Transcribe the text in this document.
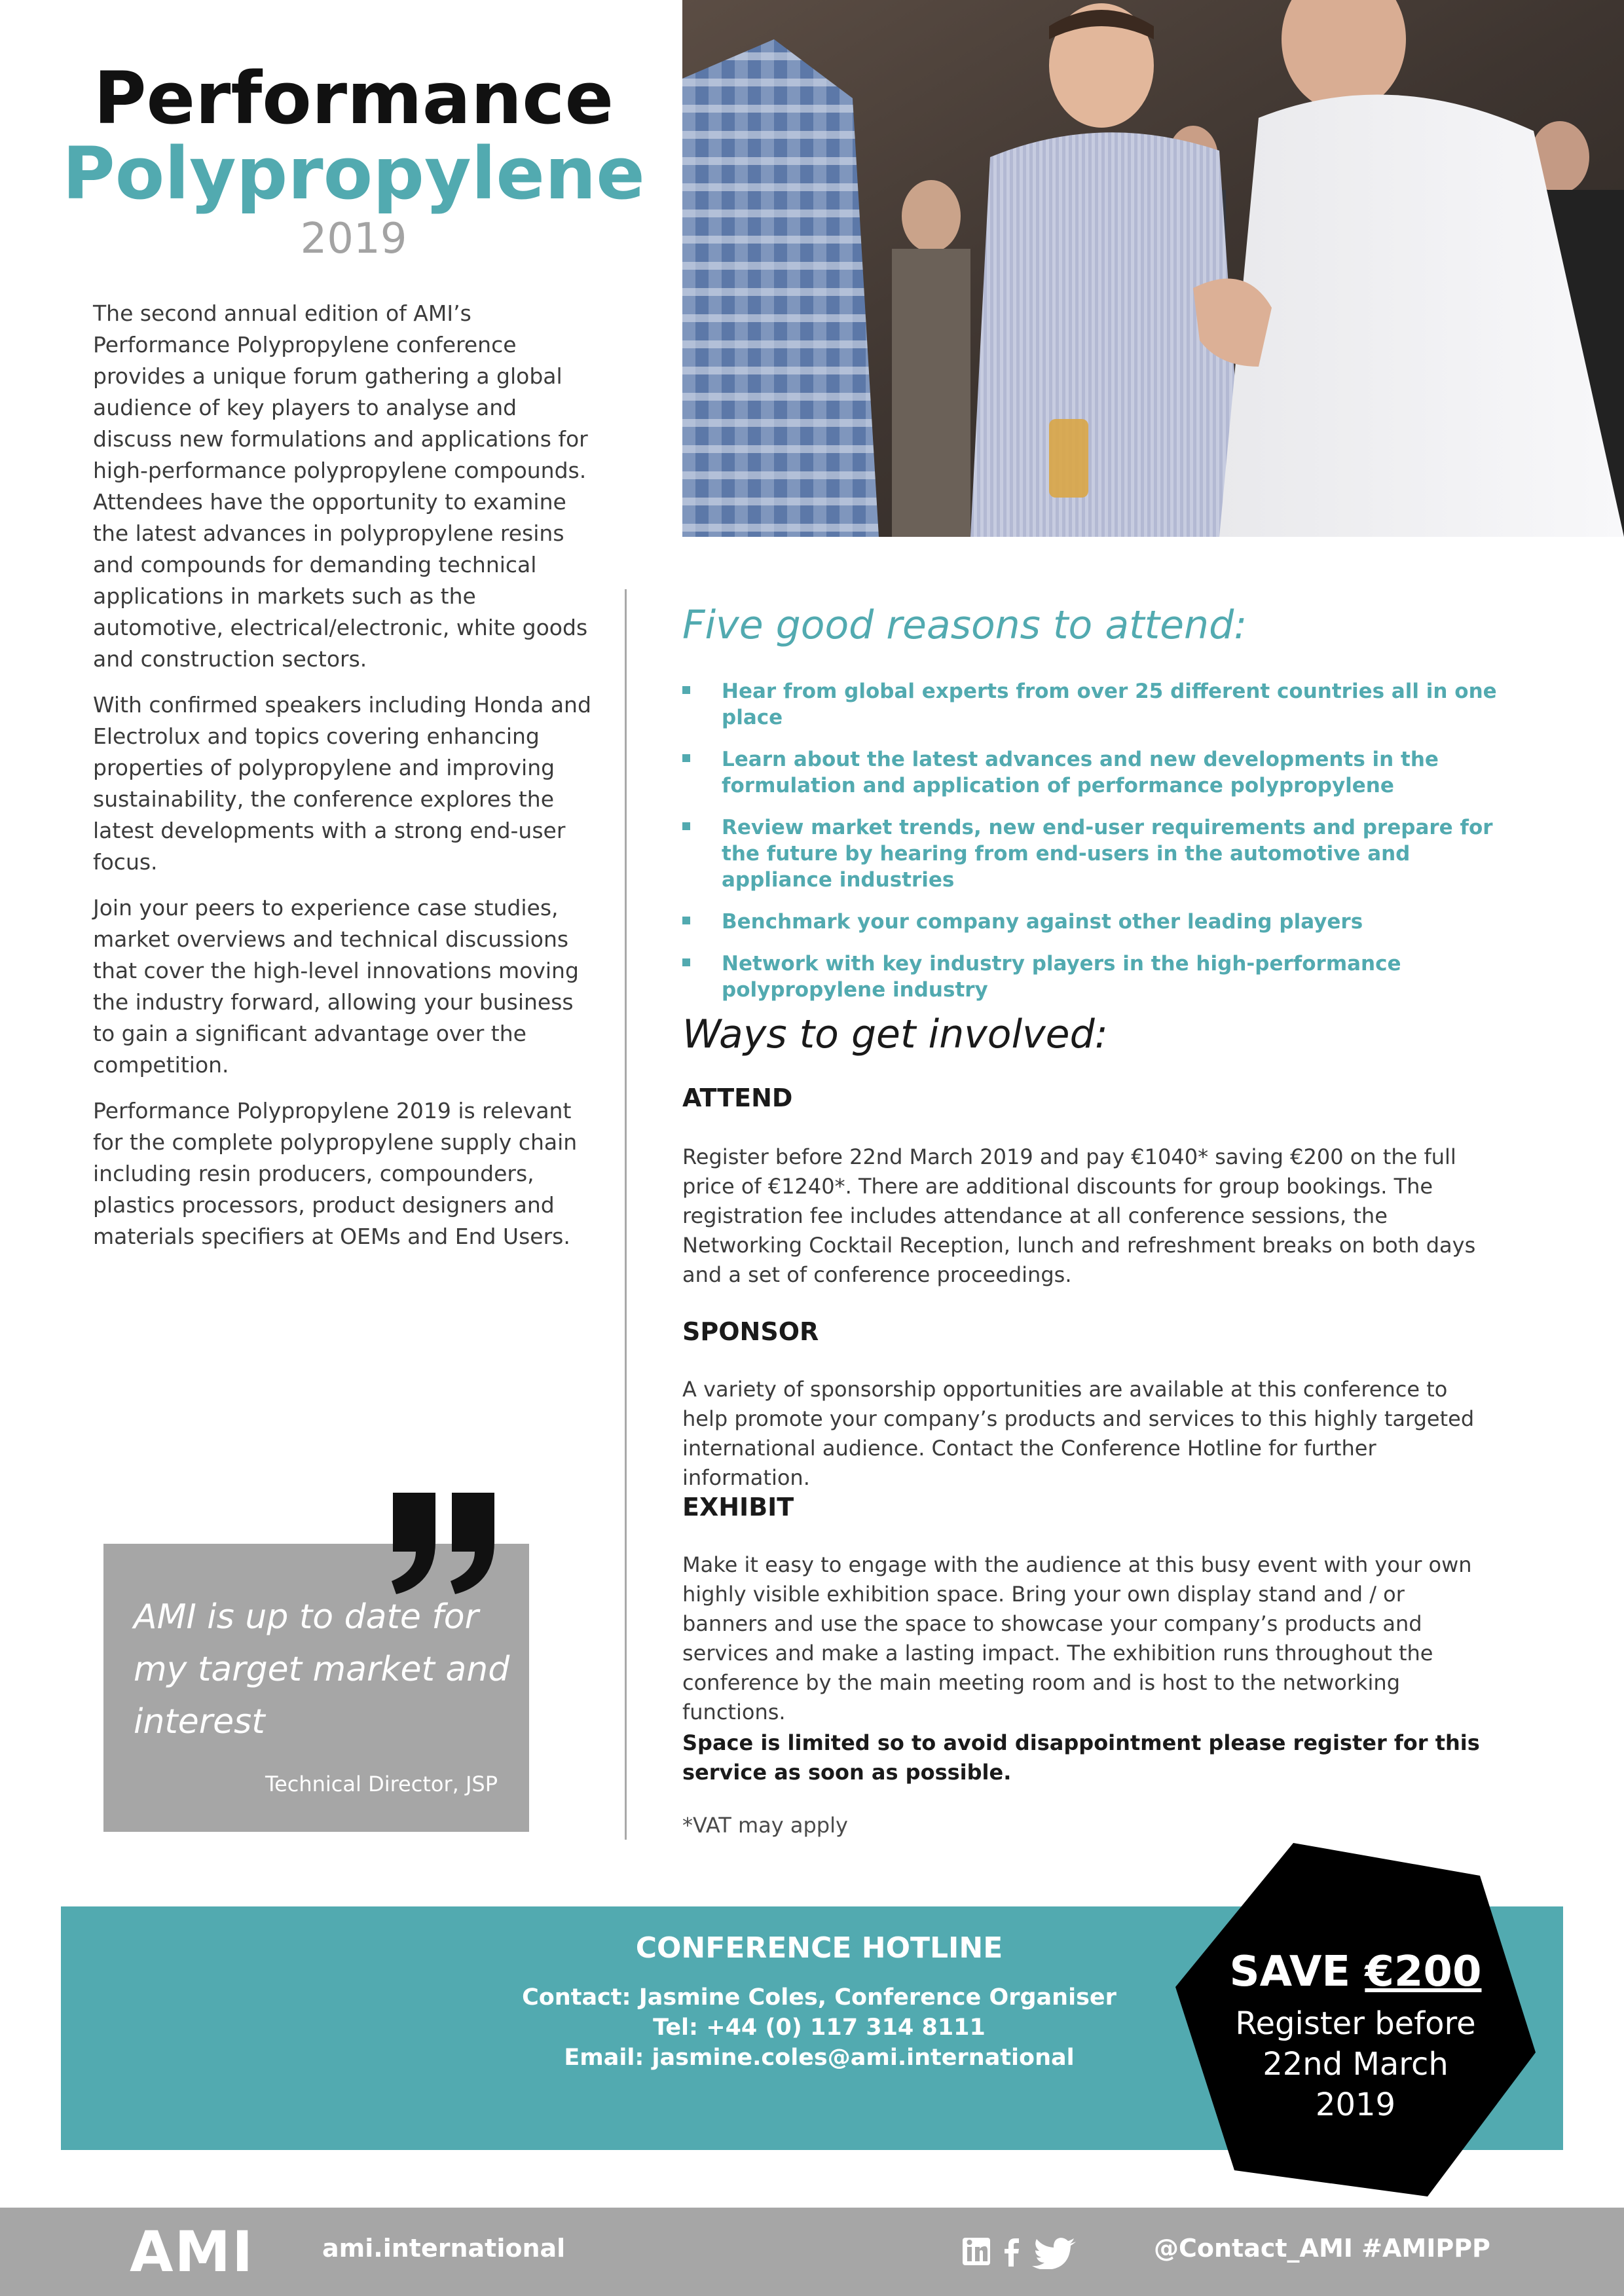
Performance
Polypropylene
2019

The second annual edition of AMI’s Performance Polypropylene conference provides a unique forum gathering a global audience of key players to analyse and discuss new formulations and applications for high-performance polypropylene compounds. Attendees have the opportunity to examine the latest advances in polypropylene resins and compounds for demanding technical applications in markets such as the automotive, electrical/electronic, white goods and construction sectors.

With confirmed speakers including Honda and Electrolux and topics covering enhancing properties of polypropylene and improving sustainability, the conference explores the latest developments with a strong end-user focus.

Join your peers to experience case studies, market overviews and technical discussions that cover the high-level innovations moving the industry forward, allowing your business to gain a significant advantage over the competition.

Performance Polypropylene 2019 is relevant for the complete polypropylene supply chain including resin producers, compounders, plastics processors, product designers and materials specifiers at OEMs and End Users.

AMI is up to date for my target market and interest
Technical Director, JSP
Five good reasons to attend:
Hear from global experts from over 25 different countries all in one place
Learn about the latest advances and new developments in the formulation and application of performance polypropylene
Review market trends, new end-user requirements and prepare for the future by hearing from end-users in the automotive and appliance industries
Benchmark your company against other leading players
Network with key industry players in the high-performance polypropylene industry
Ways to get involved:
ATTEND

Register before 22nd March 2019 and pay €1040* saving €200 on the full price of €1240*. There are additional discounts for group bookings. The registration fee includes attendance at all conference sessions, the Networking Cocktail Reception, lunch and refreshment breaks on both days and a set of conference proceedings.

SPONSOR

A variety of sponsorship opportunities are available at this conference to help promote your company’s products and services to this highly targeted international audience. Contact the Conference Hotline for further information.

EXHIBIT

Make it easy to engage with the audience at this busy event with your own highly visible exhibition space. Bring your own display stand and / or banners and use the space to showcase your company’s products and services and make a lasting impact. The exhibition runs throughout the conference by the main meeting room and is host to the networking functions.

Space is limited so to avoid disappointment please register for this service as soon as possible.

*VAT may apply

CONFERENCE HOTLINE
Contact: Jasmine Coles, Conference Organiser
Tel: +44 (0) 117 314 8111
Email: jasmine.coles@ami.international
SAVE €200
Register before
22nd March
2019
AMI	ami.international	@Contact_AMI #AMIPPP
